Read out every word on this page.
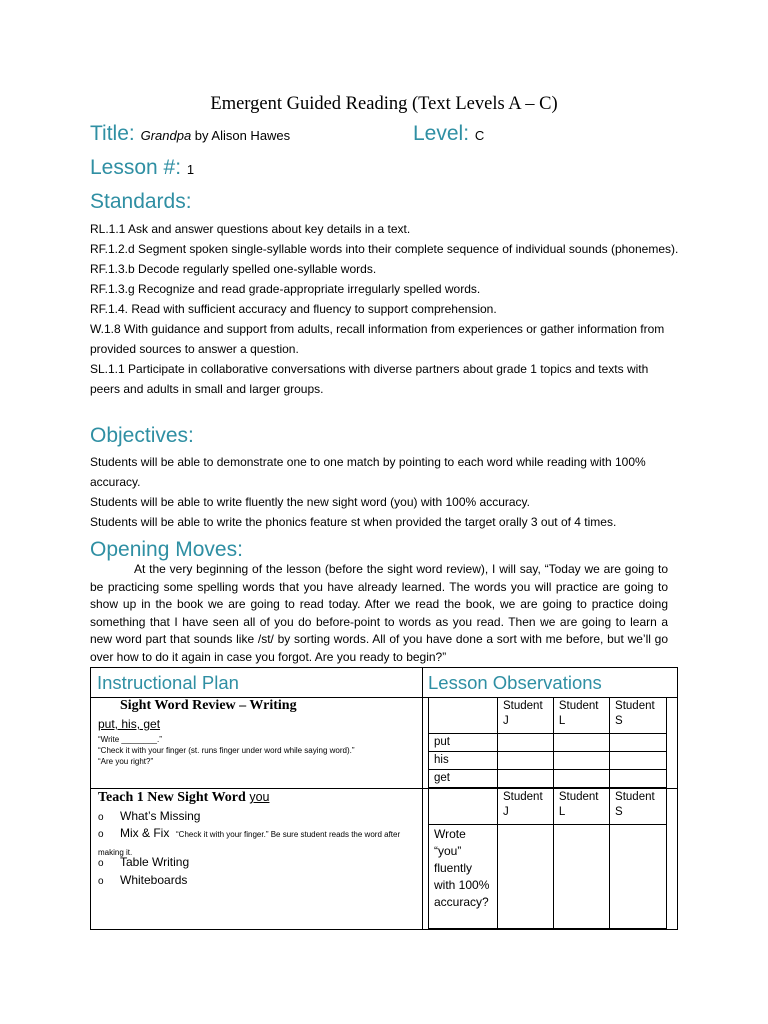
Emergent Guided Reading (Text Levels A – C)
Title: Grandpa by Alison Hawes	Level: C
Lesson #: 1
Standards:

RL.1.1 Ask and answer questions about key details in a text.

RF.1.2.d Segment spoken single-syllable words into their complete sequence of individual sounds (phonemes).

RF.1.3.b Decode regularly spelled one-syllable words.

RF.1.3.g Recognize and read grade-appropriate irregularly spelled words.

RF.1.4. Read with sufficient accuracy and fluency to support comprehension.

W.1.8 With guidance and support from adults, recall information from experiences or gather information from provided sources to answer a question.

SL.1.1 Participate in collaborative conversations with diverse partners about grade 1 topics and texts with peers and adults in small and larger groups.

Objectives:

Students will be able to demonstrate one to one match by pointing to each word while reading with 100% accuracy.

Students will be able to write fluently the new sight word (you) with 100% accuracy.

Students will be able to write the phonics feature st when provided the target orally 3 out of 4 times.

Opening Moves:

At the very beginning of the lesson (before the sight word review), I will say, “Today we are going to be practicing some spelling words that you have already learned. The words you will practice are going to show up in the book we are going to read today. After we read the book, we are going to practice doing something that I have seen all of you do before-point to words as you read. Then we are going to learn a new word part that sounds like /st/ by sorting words. All of you have done a sort with me before, but we’ll go over how to do it again in case you forgot. Are you ready to begin?”

Instructional Plan	Lesson Observations
Sight Word Review – Writing
put, his, get
“Write ________.”
“Check it with your finger (st. runs finger under word while saying word).”
“Are you right?”
	Student J	Student L	Student S
put			
his			
get			
Teach 1 New Sight Word you
o What’s Missing
o Mix & Fix “Check it with your finger.” Be sure student reads the word after making it.
o Table Writing
o Whiteboards
	Student J	Student L	Student S
Wrote “you” fluently with 100% accuracy?			
